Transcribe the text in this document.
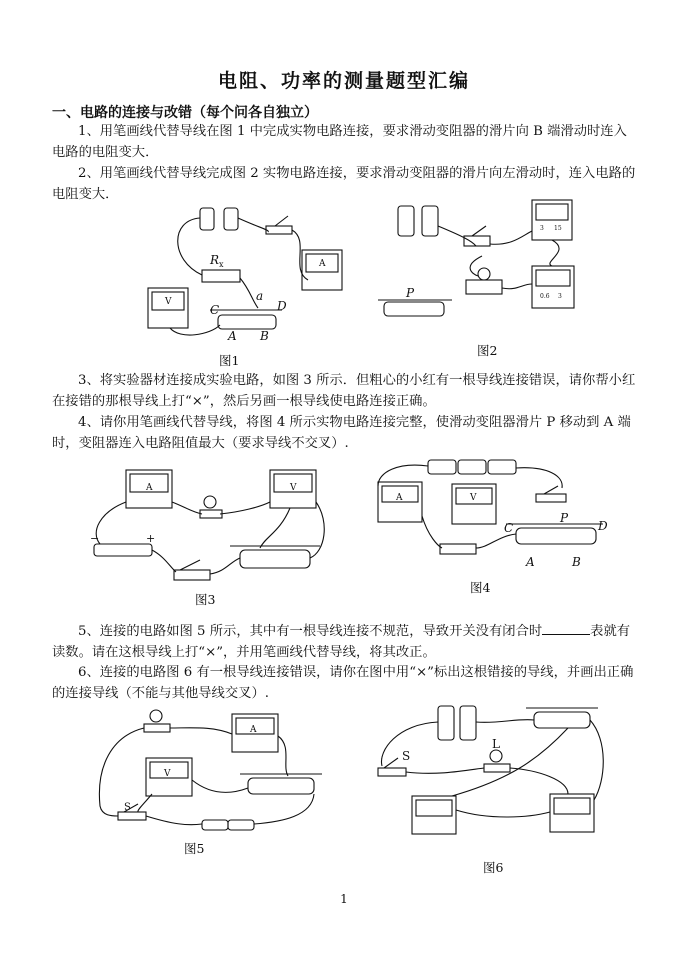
电阻、功率的测量题型汇编
一、电路的连接与改错（每个问各自独立）
1、用笔画线代替导线在图 1 中完成实物电路连接，要求滑动变阻器的滑片向 B 端滑动时连入电路的电阻变大．
2、用笔画线代替导线完成图 2 实物电路连接，要求滑动变阻器的滑片向左滑动时，连入电路的电阻变大．
R x
a
C	D
A B
V
A
图1
P
3 15
0.6 3
图2
3、将实验器材连接成实验电路，如图 3 所示．但粗心的小红有一根导线连接错误，请你帮小红在接错的那根导线上打“×”，然后另画一根导线使电路连接正确。
4、请你用笔画线代替导线，将图 4 所示实物电路连接完整，使滑动变阻器滑片 P 移动到 A 端时，变阻器连入电路阻值最大（要求导线不交叉）.
A	V
−	+
图3
A	V
C
P
D
A	B
图4
5、连接的电路如图 5 所示，其中有一根导线连接不规范，导致开关没有闭合时	表就有读数。请在这根导线上打“×”，并用笔画线代替导线，将其改正。
6、连接的电路图 6 有一根导线连接错误，请你在图中用“×”标出这根错接的导线，并画出正确的连接导线（不能与其他导线交叉）.
A
V
S
图5
S
L
图6
1
